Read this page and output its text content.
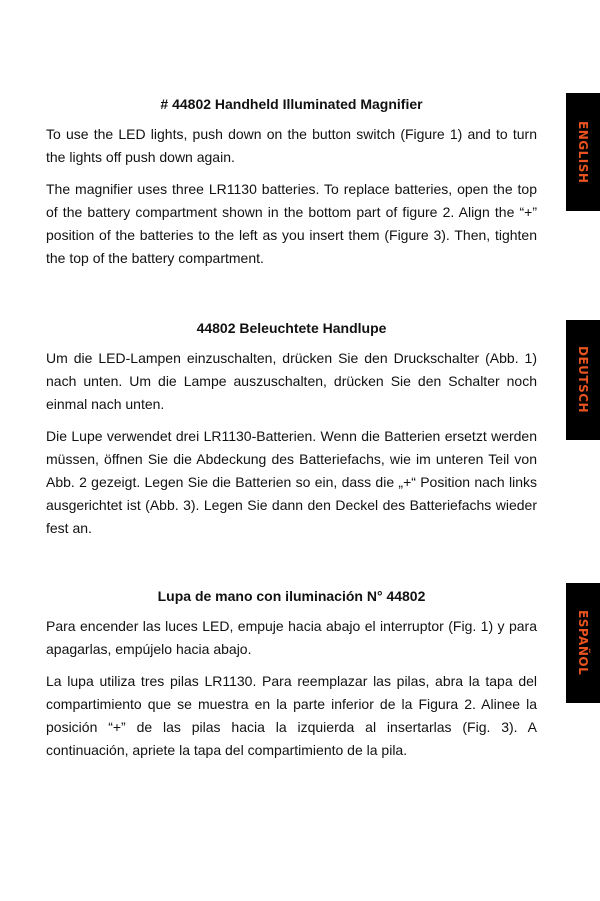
ENGLISH
DEUTSCH
ESPAÑOL
# 44802 Handheld Illuminated Magnifier

To use the LED lights, push down on the button switch (Figure 1) and to turn the lights off push down again.

The magnifier uses three LR1130 batteries. To replace batteries, open the top of the battery compartment shown in the bottom part of figure 2. Align the “+” position of the batteries to the left as you insert them (Figure 3). Then, tighten the top of the battery compartment.

44802 Beleuchtete Handlupe

Um die LED-Lampen einzuschalten, drücken Sie den Druckschalter (Abb. 1) nach unten. Um die Lampe auszuschalten, drücken Sie den Schalter noch einmal nach unten.

Die Lupe verwendet drei LR1130-Batterien. Wenn die Batterien ersetzt werden müssen, öffnen Sie die Abdeckung des Batteriefachs, wie im unteren Teil von Abb. 2 gezeigt. Legen Sie die Batterien so ein, dass die „+“ Position nach links ausgerichtet ist (Abb. 3). Legen Sie dann den Deckel des Batteriefachs wieder fest an.

Lupa de mano con iluminación N° 44802

Para encender las luces LED, empuje hacia abajo el interruptor (Fig. 1) y para apagarlas, empújelo hacia abajo.

La lupa utiliza tres pilas LR1130. Para reemplazar las pilas, abra la tapa del compartimiento que se muestra en la parte inferior de la Figura 2. Alinee la posición “+” de las pilas hacia la izquierda al insertarlas (Fig. 3). A continuación, apriete la tapa del compartimiento de la pila.
